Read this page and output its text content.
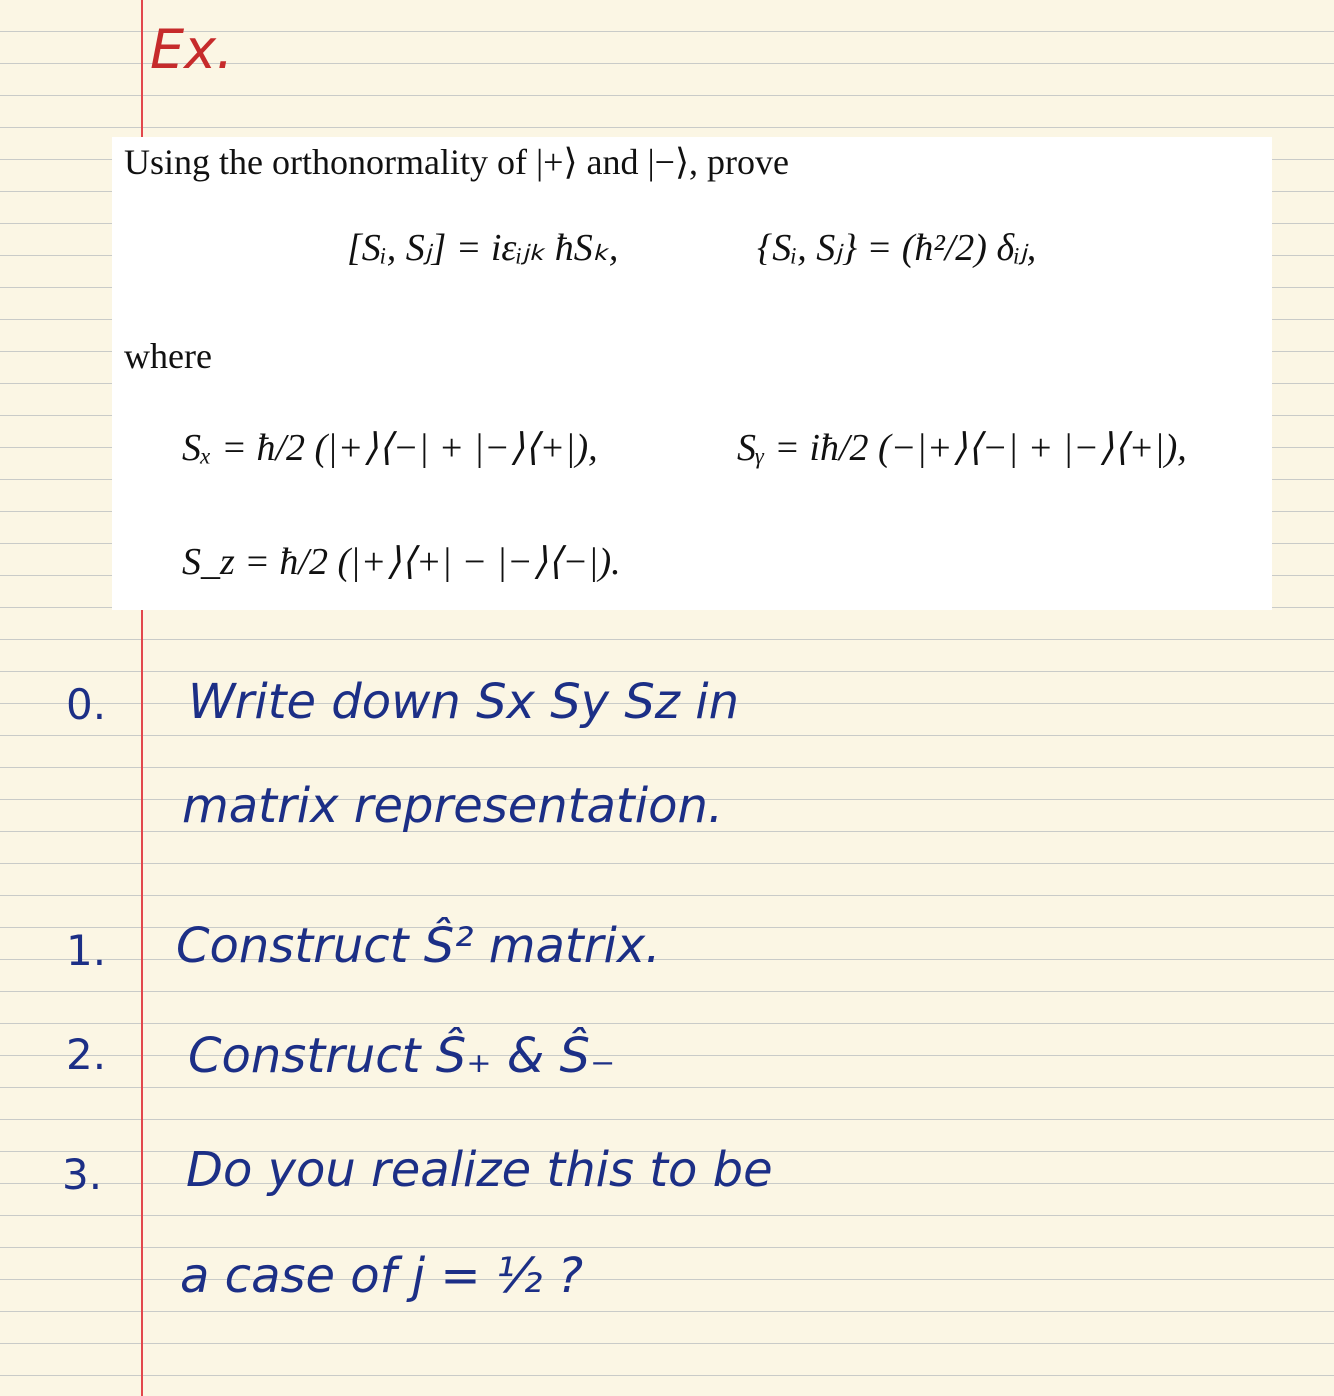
Ex.
Using the orthonormality of |+⟩ and |−⟩, prove
[Sᵢ, Sⱼ] = iεᵢⱼₖ ħSₖ,	{Sᵢ, Sⱼ} = (ħ²/2) δᵢⱼ,
where
Sₓ = ħ/2 (|+⟩⟨−| + |−⟩⟨+|),	Sᵧ = iħ/2 (−|+⟩⟨−| + |−⟩⟨+|),
S_z = ħ/2 (|+⟩⟨+| − |−⟩⟨−|).
0. Write down Sx Sy Sz in
matrix representation.
1. Construct Ŝ² matrix.
2. Construct Ŝ₊ & Ŝ₋
3. Do you realize this to be
a case of j = ½ ?
